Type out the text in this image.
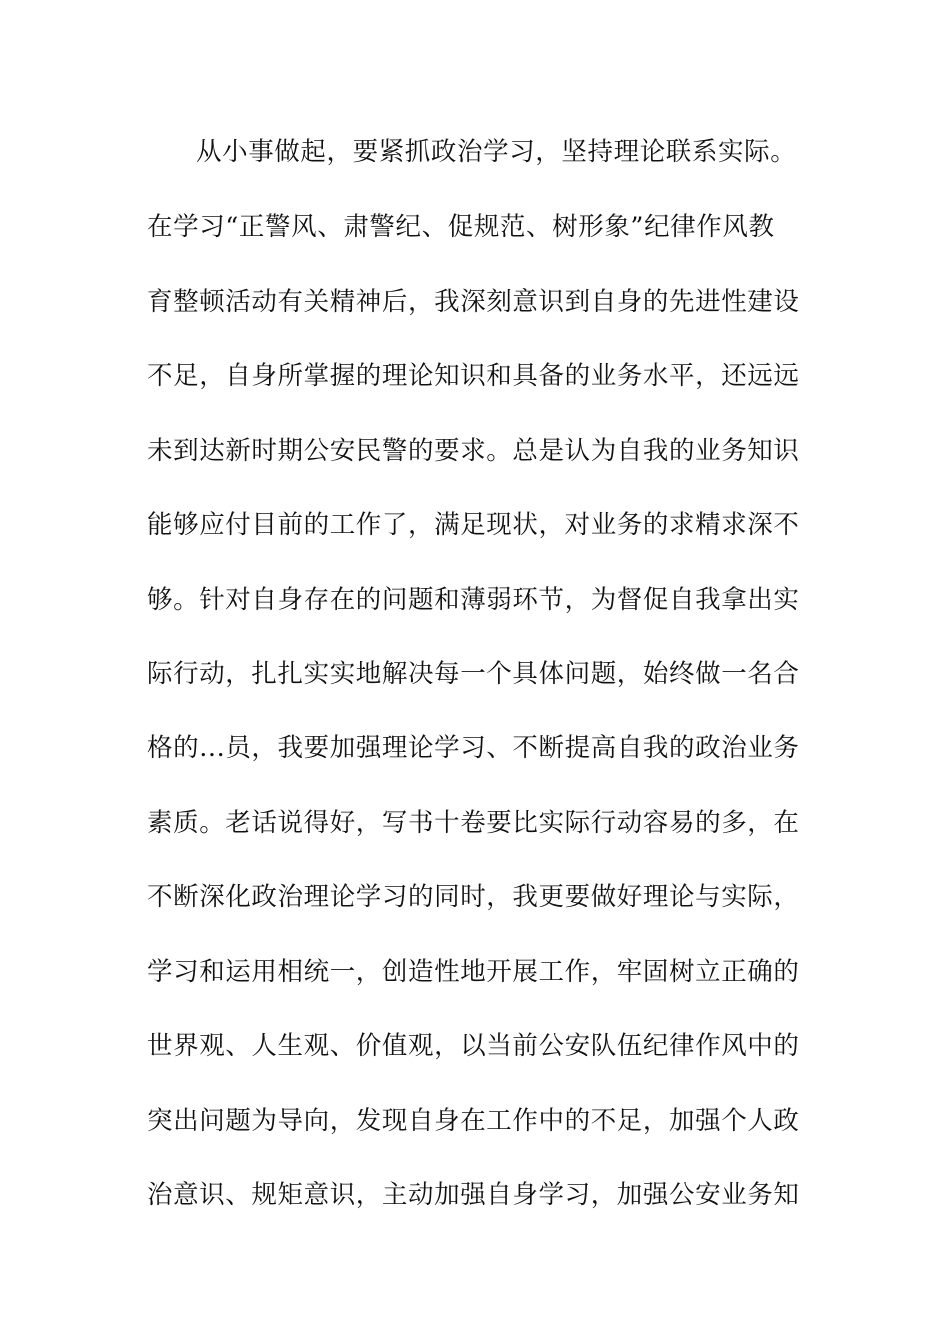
从小事做起，要紧抓政治学习，坚持理论联系实际。
在学习“正警风、肃警纪、促规范、树形象”纪律作风教
育整顿活动有关精神后，我深刻意识到自身的先进性建设
不足，自身所掌握的理论知识和具备的业务水平，还远远
未到达新时期公安民警的要求。总是认为自我的业务知识
能够应付目前的工作了，满足现状，对业务的求精求深不
够。针对自身存在的问题和薄弱环节，为督促自我拿出实
际行动，扎扎实实地解决每一个具体问题，始终做一名合
格的...员，我要加强理论学习、不断提高自我的政治业务
素质。老话说得好，写书十卷要比实际行动容易的多，在
不断深化政治理论学习的同时，我更要做好理论与实际，
学习和运用相统一，创造性地开展工作，牢固树立正确的
世界观、人生观、价值观，以当前公安队伍纪律作风中的
突出问题为导向，发现自身在工作中的不足，加强个人政
治意识、规矩意识，主动加强自身学习，加强公安业务知
